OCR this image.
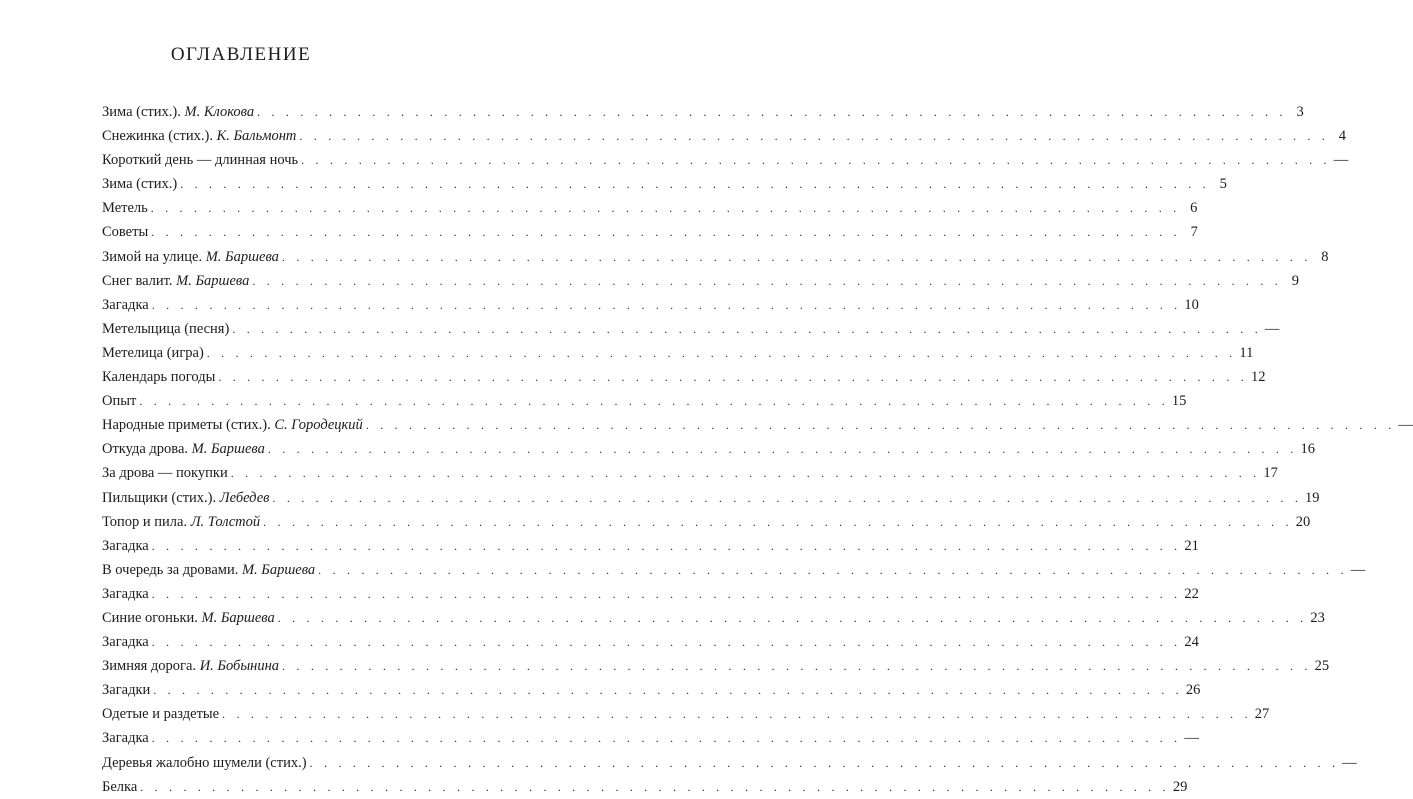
ОГЛАВЛЕНИЕ
Зима (стих.). М. Клокова . . . . . . . . . . . . . . . . . . . . . . . . . . . . . . . . . . . . . . . . . . . . . . . . . . . . . . . . . . . . . . . . . . . . . . . . 3
Снежинка (стих.). К. Бальмонт . . . . . . . . . . . . . . . . . . . . . . . . . . . . . . . . . . . . . . . . . . . . . . . . . . . . . . . . . . . . . . . . . . . . . . . . 4
Короткий день — длинная ночь . . . . . . . . . . . . . . . . . . . . . . . . . . . . . . . . . . . . . . . . . . . . . . . . . . . . . . . . . . . . . . . . . . . . . . . . —
Зима (стих.) . . . . . . . . . . . . . . . . . . . . . . . . . . . . . . . . . . . . . . . . . . . . . . . . . . . . . . . . . . . . . . . . . . . . . . . . 5
Метель . . . . . . . . . . . . . . . . . . . . . . . . . . . . . . . . . . . . . . . . . . . . . . . . . . . . . . . . . . . . . . . . . . . . . . . . 6
Советы . . . . . . . . . . . . . . . . . . . . . . . . . . . . . . . . . . . . . . . . . . . . . . . . . . . . . . . . . . . . . . . . . . . . . . . . 7
Зимой на улице. М. Баршева . . . . . . . . . . . . . . . . . . . . . . . . . . . . . . . . . . . . . . . . . . . . . . . . . . . . . . . . . . . . . . . . . . . . . . . . 8
Снег валит. М. Баршева . . . . . . . . . . . . . . . . . . . . . . . . . . . . . . . . . . . . . . . . . . . . . . . . . . . . . . . . . . . . . . . . . . . . . . . . 9
Загадка . . . . . . . . . . . . . . . . . . . . . . . . . . . . . . . . . . . . . . . . . . . . . . . . . . . . . . . . . . . . . . . . . . . . . . . . 10
Метелыцица (песня) . . . . . . . . . . . . . . . . . . . . . . . . . . . . . . . . . . . . . . . . . . . . . . . . . . . . . . . . . . . . . . . . . . . . . . . . —
Метелица (игра) . . . . . . . . . . . . . . . . . . . . . . . . . . . . . . . . . . . . . . . . . . . . . . . . . . . . . . . . . . . . . . . . . . . . . . . . 11
Календарь погоды . . . . . . . . . . . . . . . . . . . . . . . . . . . . . . . . . . . . . . . . . . . . . . . . . . . . . . . . . . . . . . . . . . . . . . . . 12
Опыт . . . . . . . . . . . . . . . . . . . . . . . . . . . . . . . . . . . . . . . . . . . . . . . . . . . . . . . . . . . . . . . . . . . . . . . . 15
Народные приметы (стих.). С. Городецкий . . . . . . . . . . . . . . . . . . . . . . . . . . . . . . . . . . . . . . . . . . . . . . . . . . . . . . . . . . . . . . . . . . . . . . . . —
Откуда дрова. М. Баршева . . . . . . . . . . . . . . . . . . . . . . . . . . . . . . . . . . . . . . . . . . . . . . . . . . . . . . . . . . . . . . . . . . . . . . . . 16
За дрова — покупки . . . . . . . . . . . . . . . . . . . . . . . . . . . . . . . . . . . . . . . . . . . . . . . . . . . . . . . . . . . . . . . . . . . . . . . . 17
Пильщики (стих.). Лебедев . . . . . . . . . . . . . . . . . . . . . . . . . . . . . . . . . . . . . . . . . . . . . . . . . . . . . . . . . . . . . . . . . . . . . . . . 19
Топор и пила. Л. Толстой . . . . . . . . . . . . . . . . . . . . . . . . . . . . . . . . . . . . . . . . . . . . . . . . . . . . . . . . . . . . . . . . . . . . . . . . 20
Загадка . . . . . . . . . . . . . . . . . . . . . . . . . . . . . . . . . . . . . . . . . . . . . . . . . . . . . . . . . . . . . . . . . . . . . . . . 21
В очередь за дровами. М. Баршева . . . . . . . . . . . . . . . . . . . . . . . . . . . . . . . . . . . . . . . . . . . . . . . . . . . . . . . . . . . . . . . . . . . . . . . . —
Загадка . . . . . . . . . . . . . . . . . . . . . . . . . . . . . . . . . . . . . . . . . . . . . . . . . . . . . . . . . . . . . . . . . . . . . . . . 22
Синие огоньки. М. Баршева . . . . . . . . . . . . . . . . . . . . . . . . . . . . . . . . . . . . . . . . . . . . . . . . . . . . . . . . . . . . . . . . . . . . . . . . 23
Загадка . . . . . . . . . . . . . . . . . . . . . . . . . . . . . . . . . . . . . . . . . . . . . . . . . . . . . . . . . . . . . . . . . . . . . . . . 24
Зимняя дорога. И. Бобынина . . . . . . . . . . . . . . . . . . . . . . . . . . . . . . . . . . . . . . . . . . . . . . . . . . . . . . . . . . . . . . . . . . . . . . . . 25
Загадки . . . . . . . . . . . . . . . . . . . . . . . . . . . . . . . . . . . . . . . . . . . . . . . . . . . . . . . . . . . . . . . . . . . . . . . . 26
Одетые и раздетые . . . . . . . . . . . . . . . . . . . . . . . . . . . . . . . . . . . . . . . . . . . . . . . . . . . . . . . . . . . . . . . . . . . . . . . . 27
Загадка . . . . . . . . . . . . . . . . . . . . . . . . . . . . . . . . . . . . . . . . . . . . . . . . . . . . . . . . . . . . . . . . . . . . . . . . —
Деревья жалобно шумели (стих.) . . . . . . . . . . . . . . . . . . . . . . . . . . . . . . . . . . . . . . . . . . . . . . . . . . . . . . . . . . . . . . . . . . . . . . . . —
Белка . . . . . . . . . . . . . . . . . . . . . . . . . . . . . . . . . . . . . . . . . . . . . . . . . . . . . . . . . . . . . . . . . . . . . . . . 29
